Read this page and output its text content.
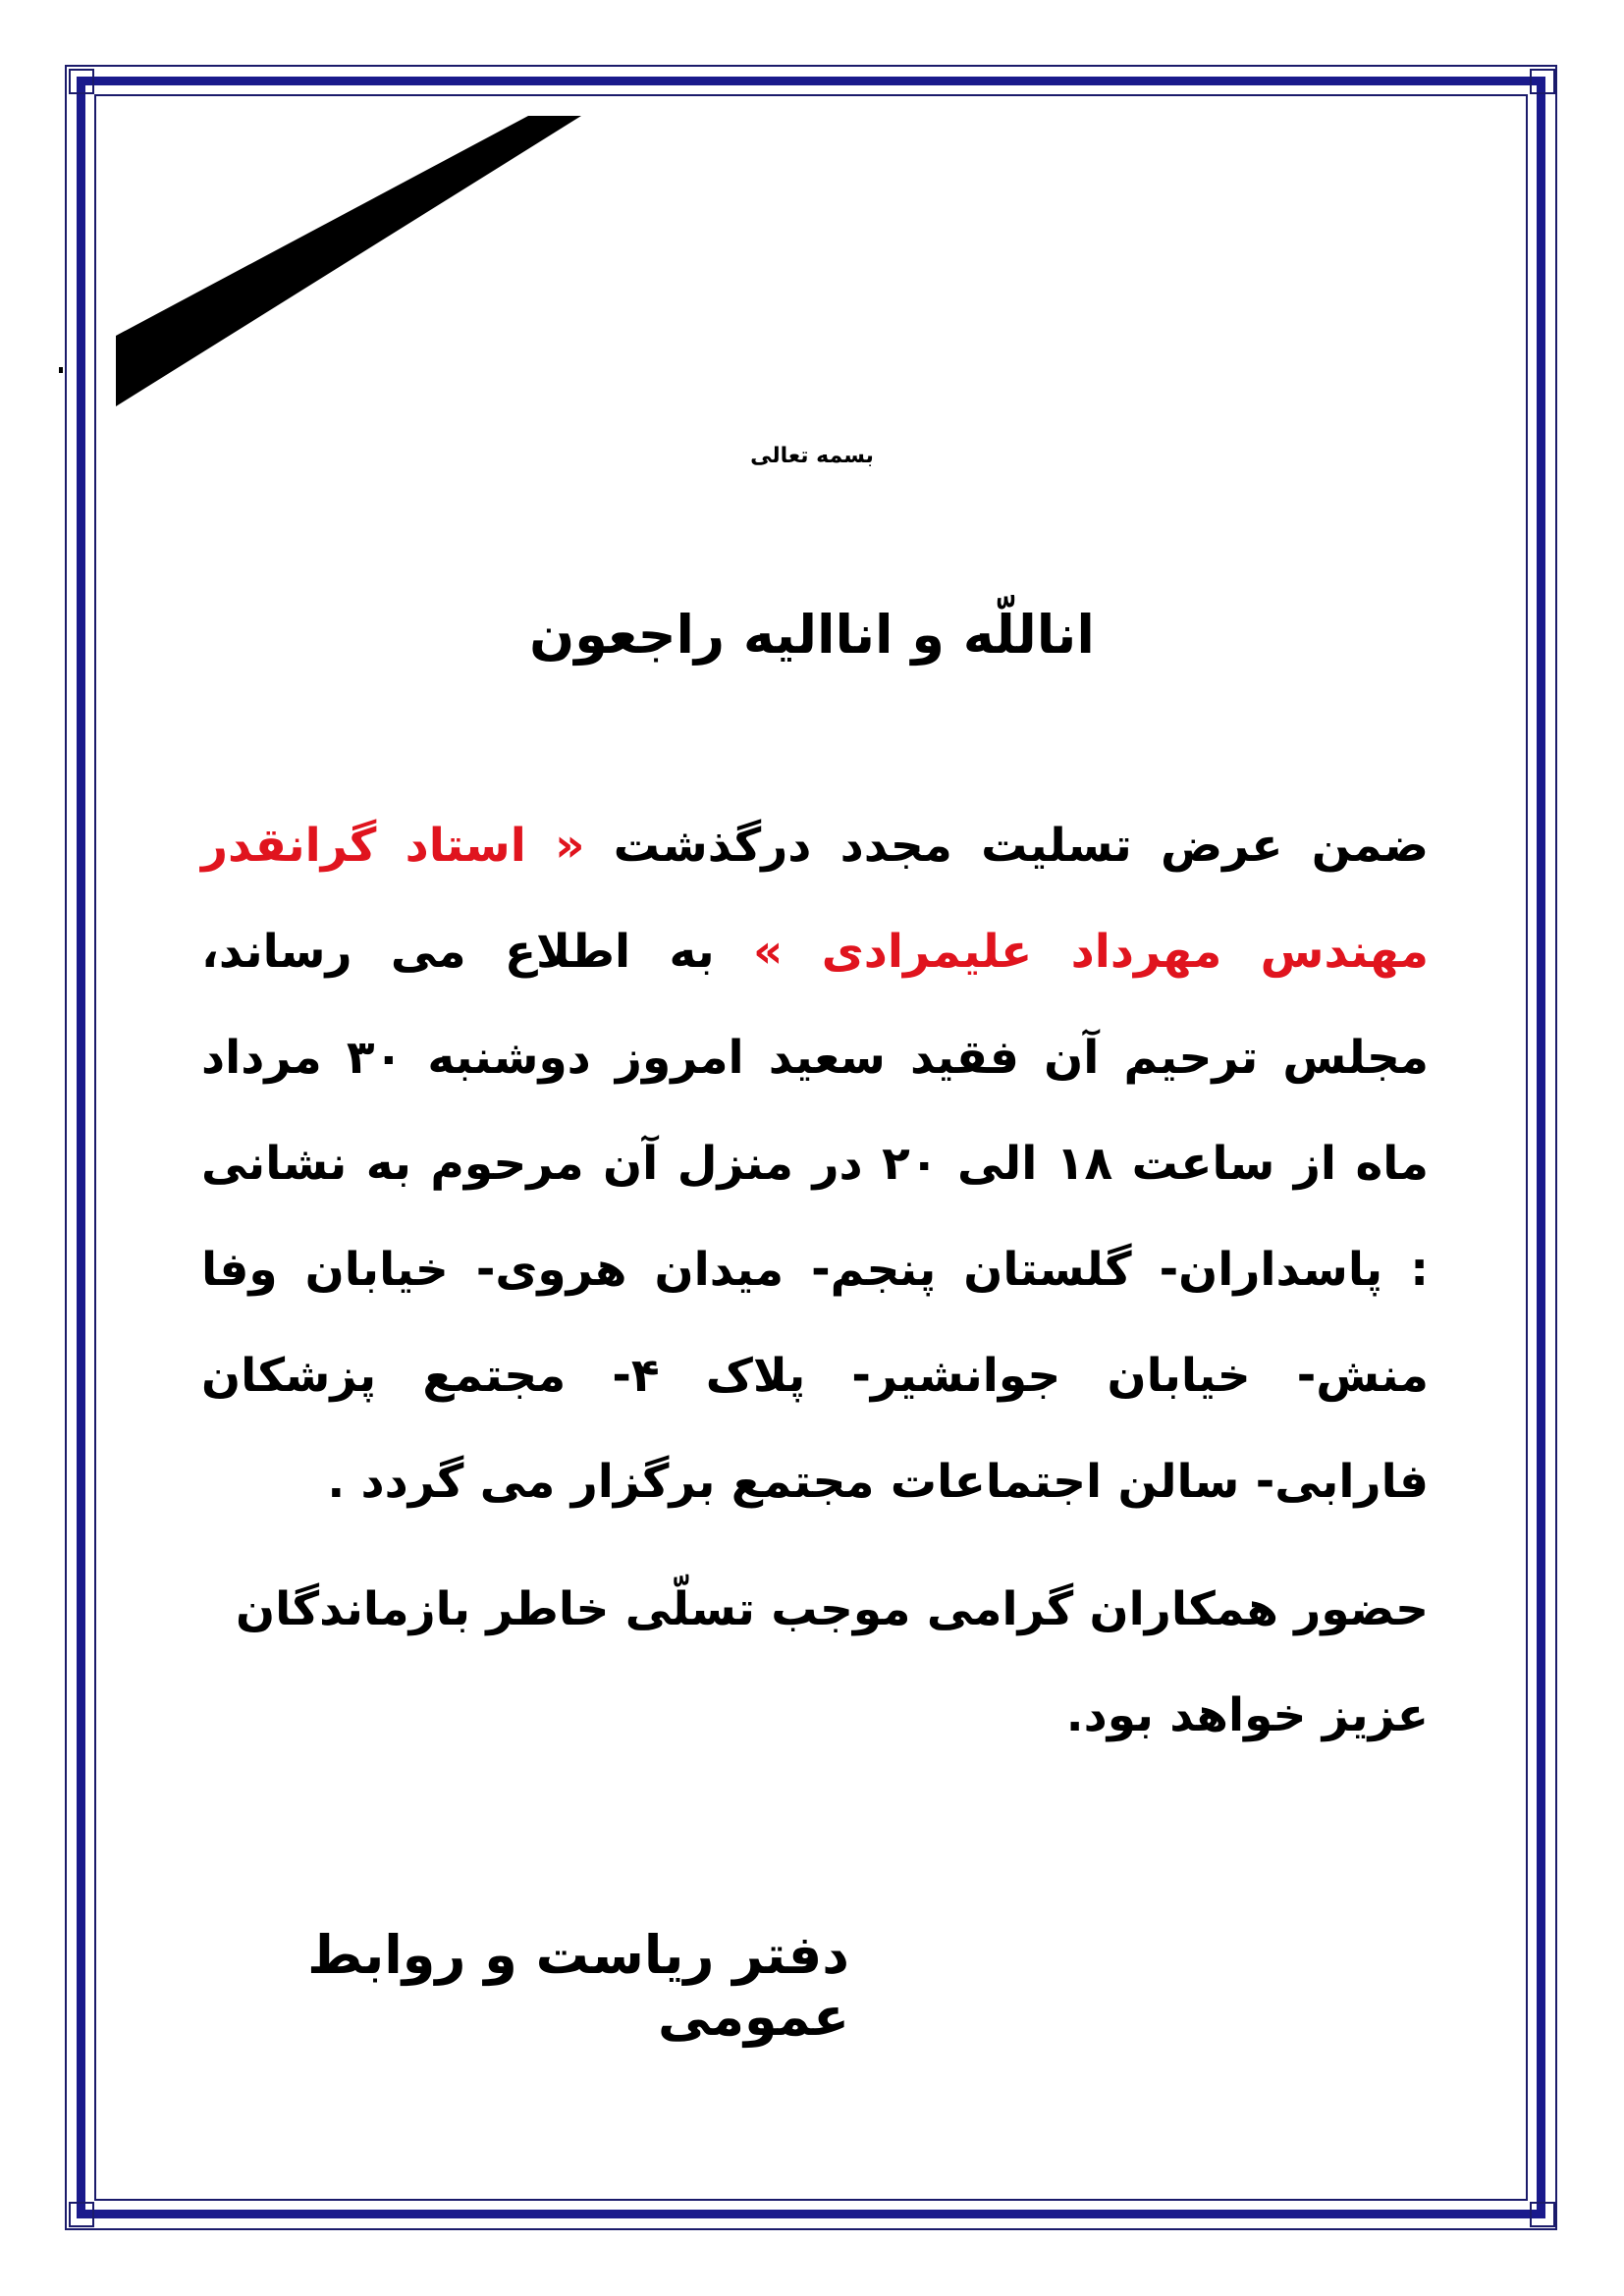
بسمه تعالی
اناللّه و انااليه راجعون
ضمن عرض تسليت مجدد درگذشت « استاد گرانقدر مهندس مهرداد عليمرادی » به اطلاع می رساند، مجلس ترحيم آن فقيد سعيد امروز دوشنبه ۳۰ مرداد ماه از ساعت ۱۸ الی ۲۰ در منزل آن مرحوم به نشانی : پاسداران- گلستان پنجم- ميدان هروی- خيابان وفا منش- خيابان جوانشير- پلاک ۴- مجتمع پزشکان فارابی- سالن اجتماعات مجتمع برگزار می گردد .
حضور همکاران گرامی موجب تسلّی خاطر بازماندگان عزيز خواهد بود.
دفتر رياست و روابط عمومی
